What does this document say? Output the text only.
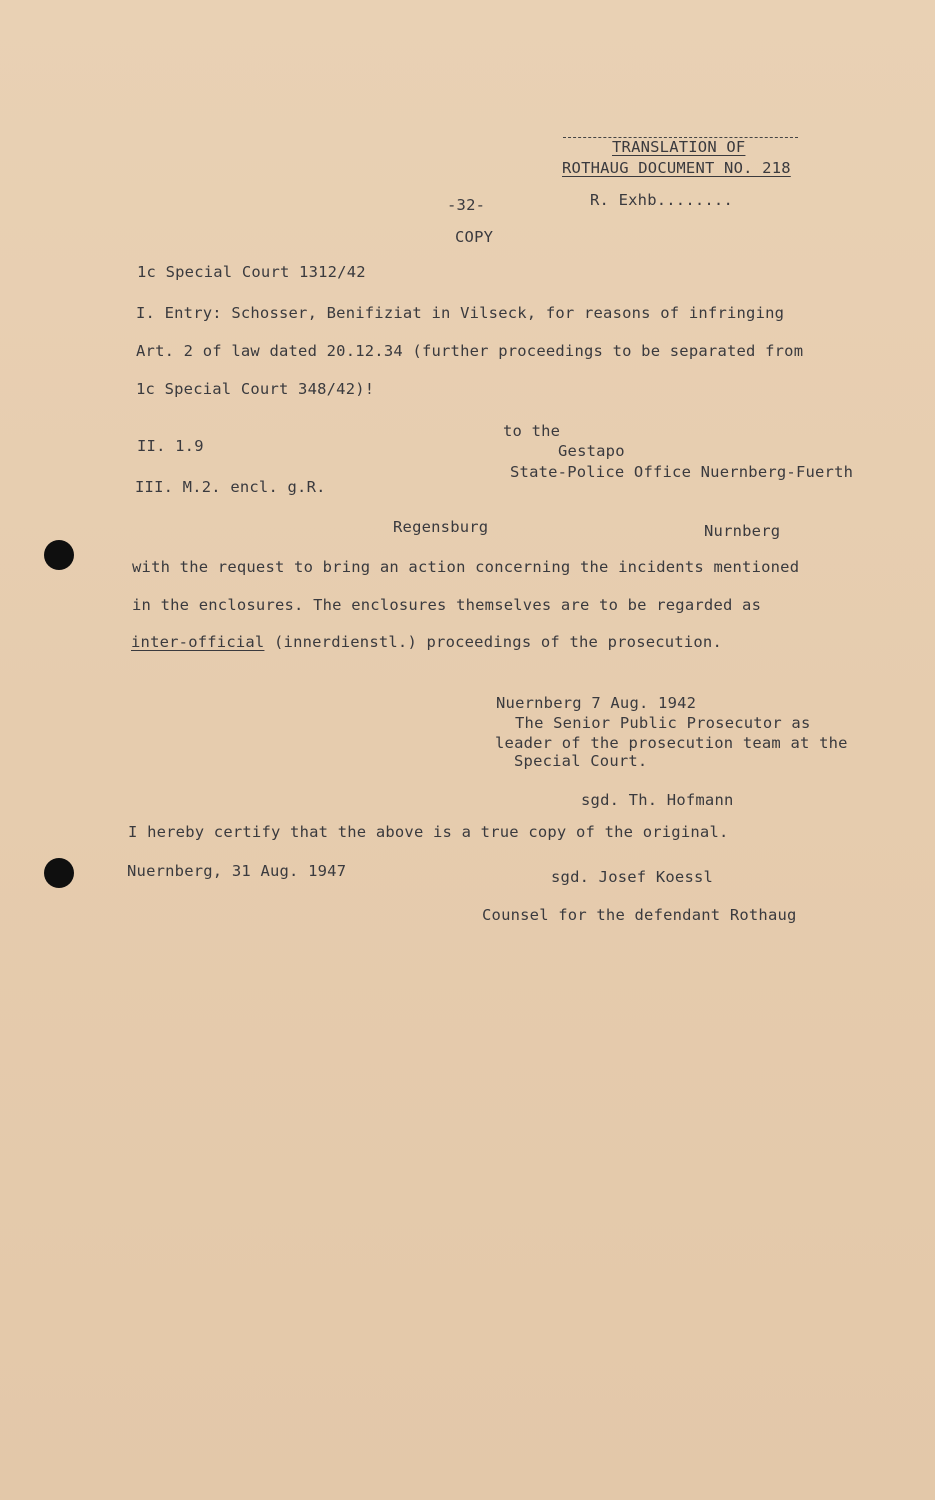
TRANSLATION OF
ROTHAUG DOCUMENT NO. 218
-32-	R. Exhb........
COPY
1c Special Court 1312/42
I. Entry: Schosser, Benifiziat in Vilseck, for reasons of infringing
Art. 2 of law dated 20.12.34 (further proceedings to be separated from
1c Special Court 348/42)!
II. 1.9
III. M.2. encl. g.R.
to the
Gestapo
State-Police Office Nuernberg-Fuerth
Regensburg	Nurnberg
with the request to bring an action concerning the incidents mentioned
in the enclosures. The enclosures themselves are to be regarded as
inter-official (innerdienstl.) proceedings of the prosecution.
Nuernberg 7 Aug. 1942
The Senior Public Prosecutor as
leader of the prosecution team at the
Special Court.
sgd. Th. Hofmann
I hereby certify that the above is a true copy of the original.
Nuernberg, 31 Aug. 1947	sgd. Josef Koessl
Counsel for the defendant Rothaug
